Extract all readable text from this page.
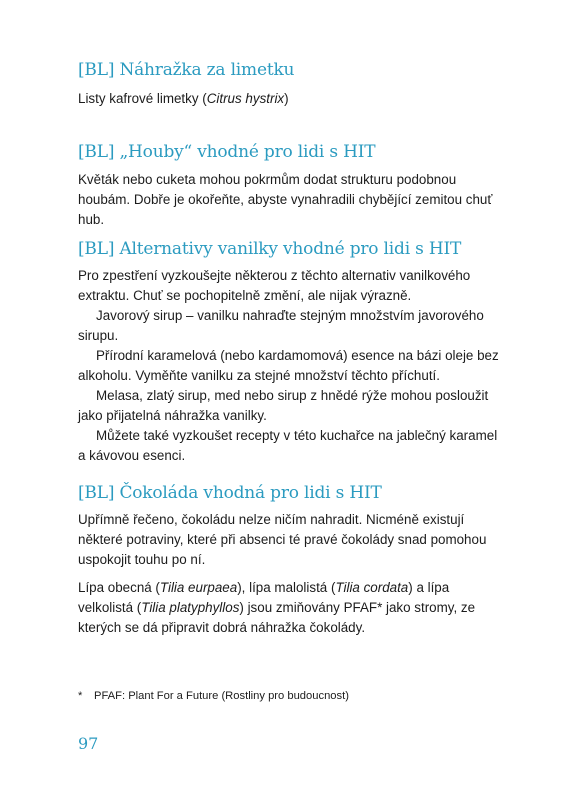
[BL] Náhražka za limetku

Listy kafrové limetky (Citrus hystrix)

[BL] „Houby“ vhodné pro lidi s HIT

Květák nebo cuketa mohou pokrmům dodat strukturu podobnou houbám. Dobře je okořeňte, abyste vynahradili chybějící zemitou chuť hub.

[BL] Alternativy vanilky vhodné pro lidi s HIT

Pro zpestření vyzkoušejte některou z těchto alternativ vanilkového extraktu. Chuť se pochopitelně změní, ale nijak výrazně.

Javorový sirup – vanilku nahraďte stejným množstvím javorového sirupu.

Přírodní karamelová (nebo kardamomová) esence na bázi oleje bez alkoholu. Vyměňte vanilku za stejné množství těchto příchutí.

Melasa, zlatý sirup, med nebo sirup z hnědé rýže mohou posloužit jako přijatelná náhražka vanilky.

Můžete také vyzkoušet recepty v této kuchařce na jablečný karamel a kávovou esenci.

[BL] Čokoláda vhodná pro lidi s HIT

Upřímně řečeno, čokoládu nelze ničím nahradit. Nicméně existují některé potraviny, které při absenci té pravé čokolády snad pomohou uspokojit touhu po ní.

Lípa obecná (Tilia eurpaea), lípa malolistá (Tilia cordata) a lípa velkolistá (Tilia platyphyllos) jsou zmiňovány PFAF* jako stromy, ze kterých se dá připravit dobrá náhražka čokolády.

* PFAF: Plant For a Future (Rostliny pro budoucnost)
97
